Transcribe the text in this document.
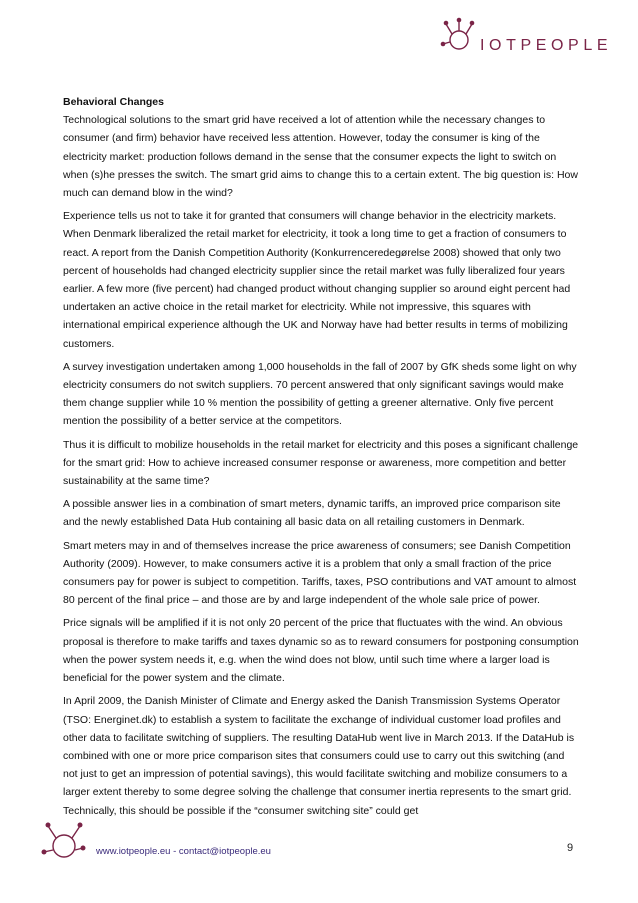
IOTPEOPLE
Behavioral Changes

Technological solutions to the smart grid have received a lot of attention while the necessary changes to consumer (and firm) behavior have received less attention. However, today the consumer is king of the electricity market: production follows demand in the sense that the consumer expects the light to switch on when (s)he presses the switch. The smart grid aims to change this to a certain extent. The big question is: How much can demand blow in the wind?

Experience tells us not to take it for granted that consumers will change behavior in the electricity markets. When Denmark liberalized the retail market for electricity, it took a long time to get a fraction of consumers to react. A report from the Danish Competition Authority (Konkurrenceredegørelse 2008) showed that only two percent of households had changed electricity supplier since the retail market was fully liberalized four years earlier. A few more (five percent) had changed product without changing supplier so around eight percent had undertaken an active choice in the retail market for electricity. While not impressive, this squares with international empirical experience although the UK and Norway have had better results in terms of mobilizing customers.

A survey investigation undertaken among 1,000 households in the fall of 2007 by GfK sheds some light on why electricity consumers do not switch suppliers. 70 percent answered that only significant savings would make them change supplier while 10 % mention the possibility of getting a greener alternative. Only five percent mention the possibility of a better service at the competitors.

Thus it is difficult to mobilize households in the retail market for electricity and this poses a significant challenge for the smart grid: How to achieve increased consumer response or awareness, more competition and better sustainability at the same time?

A possible answer lies in a combination of smart meters, dynamic tariffs, an improved price comparison site and the newly established Data Hub containing all basic data on all retailing customers in Denmark.

Smart meters may in and of themselves increase the price awareness of consumers; see Danish Competition Authority (2009). However, to make consumers active it is a problem that only a small fraction of the price consumers pay for power is subject to competition. Tariffs, taxes, PSO contributions and VAT amount to almost 80 percent of the final price – and those are by and large independent of the whole sale price of power.

Price signals will be amplified if it is not only 20 percent of the price that fluctuates with the wind. An obvious proposal is therefore to make tariffs and taxes dynamic so as to reward consumers for postponing consumption when the power system needs it, e.g. when the wind does not blow, until such time where a larger load is beneficial for the power system and the climate.

In April 2009, the Danish Minister of Climate and Energy asked the Danish Transmission Systems Operator (TSO: Energinet.dk) to establish a system to facilitate the exchange of individual customer load profiles and other data to facilitate switching of suppliers. The resulting DataHub went live in March 2013. If the DataHub is combined with one or more price comparison sites that consumers could use to carry out this switching (and not just to get an impression of potential savings), this would facilitate switching and mobilize consumers to a larger extent thereby to some degree solving the challenge that consumer inertia represents to the smart grid. Technically, this should be possible if the “consumer switching site” could get

www.iotpeople.eu - contact@iotpeople.eu	9
